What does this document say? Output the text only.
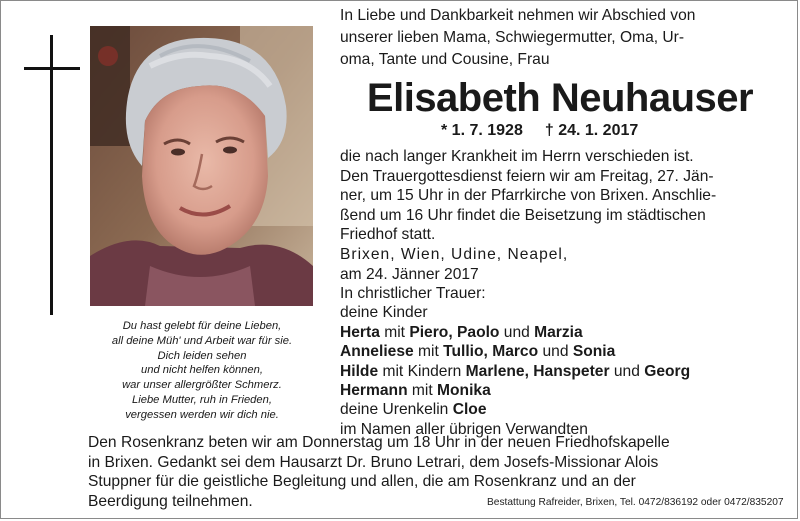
Du hast gelebt für deine Lieben,
all deine Müh' und Arbeit war für sie.
Dich leiden sehen
und nicht helfen können,
war unser allergrößter Schmerz.
Liebe Mutter, ruh in Frieden,
vergessen werden wir dich nie.
In Liebe und Dankbarkeit nehmen wir Abschied von
unserer lieben Mama, Schwiegermutter, Oma, Ur-
oma, Tante und Cousine, Frau
Elisabeth Neuhauser
* 1. 7. 1928 † 24. 1. 2017
die nach langer Krankheit im Herrn verschieden ist.
Den Trauergottesdienst feiern wir am Freitag, 27. Jän-
ner, um 15 Uhr in der Pfarrkirche von Brixen. Anschlie-
ßend um 16 Uhr findet die Beisetzung im städtischen
Friedhof statt.
Brixen, Wien, Udine, Neapel,
am 24. Jänner 2017
In christlicher Trauer:
deine Kinder
Herta mit Piero, Paolo und Marzia
Anneliese mit Tullio, Marco und Sonia
Hilde mit Kindern Marlene, Hanspeter und Georg
Hermann mit Monika
deine Urenkelin Cloe
im Namen aller übrigen Verwandten
Den Rosenkranz beten wir am Donnerstag um 18 Uhr in der neuen Friedhofskapelle
in Brixen. Gedankt sei dem Hausarzt Dr. Bruno Letrari, dem Josefs-Missionar Alois
Stuppner für die geistliche Begleitung und allen, die am Rosenkranz und an der
Beerdigung teilnehmen.	Bestattung Rafreider, Brixen, Tel. 0472/836192 oder 0472/835207
